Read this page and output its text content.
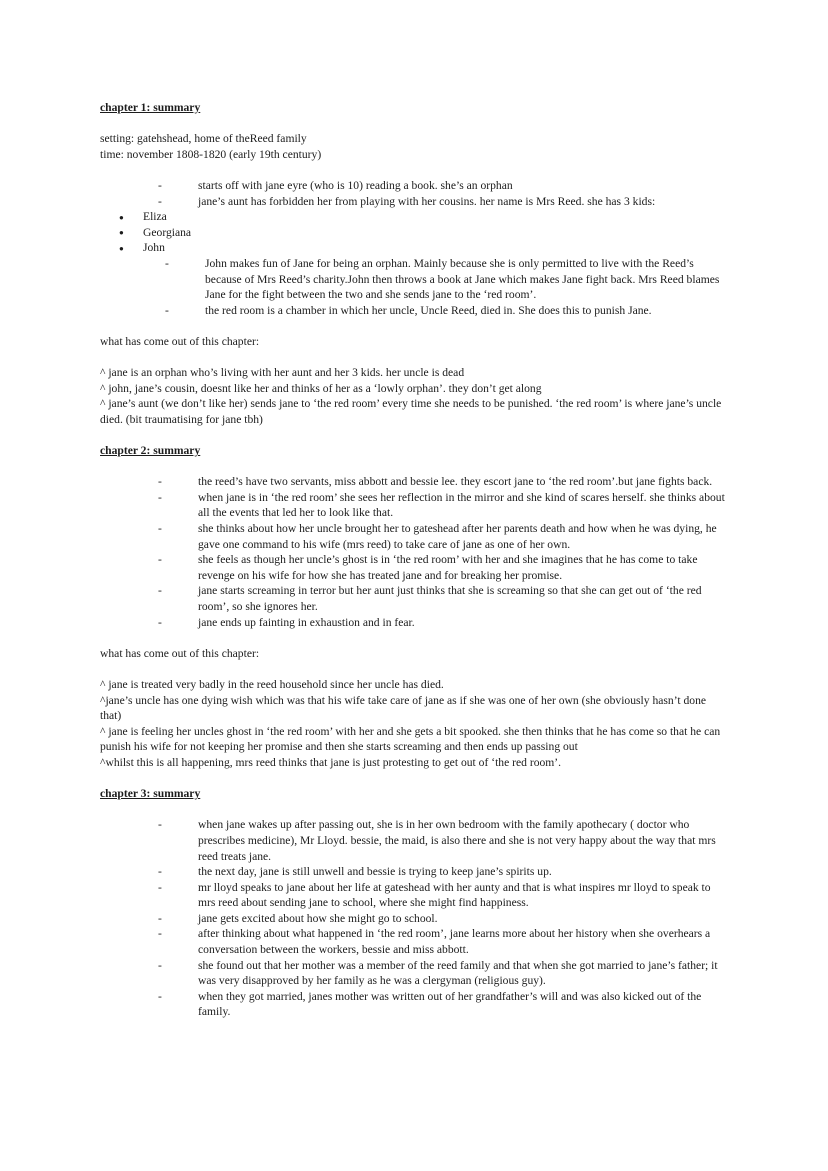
chapter 1: summary
setting: gatehshead, home of theReed family
time: november 1808-1820 (early 19th century)
-	starts off with jane eyre (who is 10) reading a book. she’s an orphan
-	jane’s aunt has forbidden her from playing with her cousins. her name is Mrs Reed. she has 3 kids:
● Eliza
● Georgiana
● John
-	John makes fun of Jane for being an orphan. Mainly because she is only permitted to live with the Reed’s because of Mrs Reed’s charity.John then throws a book at Jane which makes Jane fight back. Mrs Reed blames Jane for the fight between the two and she sends jane to the ‘red room’.
-	the red room is a chamber in which her uncle, Uncle Reed, died in. She does this to punish Jane.
what has come out of this chapter:
^ jane is an orphan who’s living with her aunt and her 3 kids. her uncle is dead
^ john, jane’s cousin, doesnt like her and thinks of her as a ‘lowly orphan’. they don’t get along
^ jane’s aunt (we don’t like her) sends jane to ‘the red room’ every time she needs to be punished. ‘the red room’ is where jane’s uncle died. (bit traumatising for jane tbh)
chapter 2: summary
-	the reed’s have two servants, miss abbott and bessie lee. they escort jane to ‘the red room’.but jane fights back.
-	when jane is in ‘the red room’ she sees her reflection in the mirror and she kind of scares herself. she thinks about all the events that led her to look like that.
-	she thinks about how her uncle brought her to gateshead after her parents death and how when he was dying, he gave one command to his wife (mrs reed) to take care of jane as one of her own.
-	she feels as though her uncle’s ghost is in ‘the red room’ with her and she imagines that he has come to take revenge on his wife for how she has treated jane and for breaking her promise.
-	jane starts screaming in terror but her aunt just thinks that she is screaming so that she can get out of ‘the red room’, so she ignores her.
-	jane ends up fainting in exhaustion and in fear.
what has come out of this chapter:
^ jane is treated very badly in the reed household since her uncle has died.
^jane’s uncle has one dying wish which was that his wife take care of jane as if she was one of her own (she obviously hasn’t done that)
^ jane is feeling her uncles ghost in ‘the red room’ with her and she gets a bit spooked. she then thinks that he has come so that he can punish his wife for not keeping her promise and then she starts screaming and then ends up passing out
^whilst this is all happening, mrs reed thinks that jane is just protesting to get out of ‘the red room’.
chapter 3: summary
-	when jane wakes up after passing out, she is in her own bedroom with the family apothecary ( doctor who prescribes medicine), Mr Lloyd. bessie, the maid, is also there and she is not very happy about the way that mrs reed treats jane.
-	the next day, jane is still unwell and bessie is trying to keep jane’s spirits up.
-	mr lloyd speaks to jane about her life at gateshead with her aunty and that is what inspires mr lloyd to speak to mrs reed about sending jane to school, where she might find happiness.
-	jane gets excited about how she might go to school.
-	after thinking about what happened in ‘the red room’, jane learns more about her history when she overhears a conversation between the workers, bessie and miss abbott.
-	she found out that her mother was a member of the reed family and that when she got married to jane’s father; it was very disapproved by her family as he was a clergyman (religious guy).
-	when they got married, janes mother was written out of her grandfather’s will and was also kicked out of the family.
